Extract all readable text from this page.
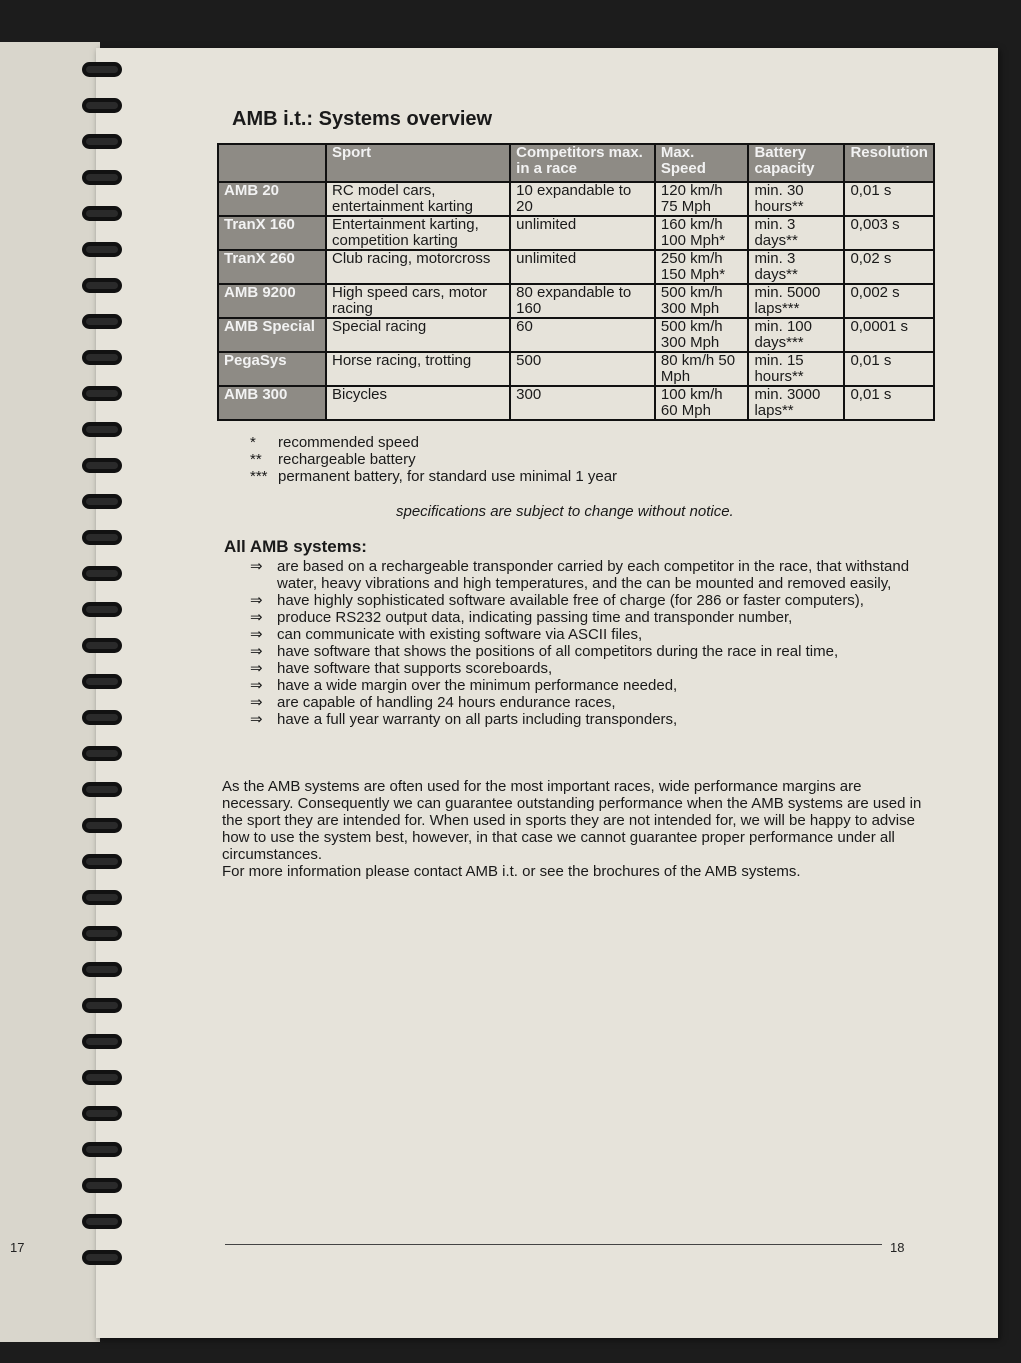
17
AMB i.t.: Systems overview
	Sport	Competitors max. in a race	Max. Speed	Battery capacity	Resolution
AMB 20	RC model cars, entertainment karting	10 expandable to 20	120 km/h 75 Mph	min. 30 hours**	0,01 s
TranX 160	Entertainment karting, competition karting	unlimited	160 km/h 100 Mph*	min. 3 days**	0,003 s
TranX 260	Club racing, motorcross	unlimited	250 km/h 150 Mph*	min. 3 days**	0,02 s
AMB 9200	High speed cars, motor racing	80 expandable to 160	500 km/h 300 Mph	min. 5000 laps***	0,002 s
AMB Special	Special racing	60	500 km/h 300 Mph	min. 100 days***	0,0001 s
PegaSys	Horse racing, trotting	500	80 km/h 50 Mph	min. 15 hours**	0,01 s
AMB 300	Bicycles	300	100 km/h 60 Mph	min. 3000 laps**	0,01 s
* recommended speed
** rechargeable battery
*** permanent battery, for standard use minimal 1 year
specifications are subject to change without notice.
All AMB systems:
⇒ are based on a rechargeable transponder carried by each competitor in the race, that withstand water, heavy vibrations and high temperatures, and the can be mounted and removed easily,
⇒ have highly sophisticated software available free of charge (for 286 or faster computers),
⇒ produce RS232 output data, indicating passing time and transponder number,
⇒ can communicate with existing software via ASCII files,
⇒ have software that shows the positions of all competitors during the race in real time,
⇒ have software that supports scoreboards,
⇒ have a wide margin over the minimum performance needed,
⇒ are capable of handling 24 hours endurance races,
⇒ have a full year warranty on all parts including transponders,
As the AMB systems are often used for the most important races, wide performance margins are necessary. Consequently we can guarantee outstanding performance when the AMB systems are used in the sport they are intended for. When used in sports they are not intended for, we will be happy to advise how to use the system best, however, in that case we cannot guarantee proper performance under all circumstances.
For more information please contact AMB i.t. or see the brochures of the AMB systems.
18
